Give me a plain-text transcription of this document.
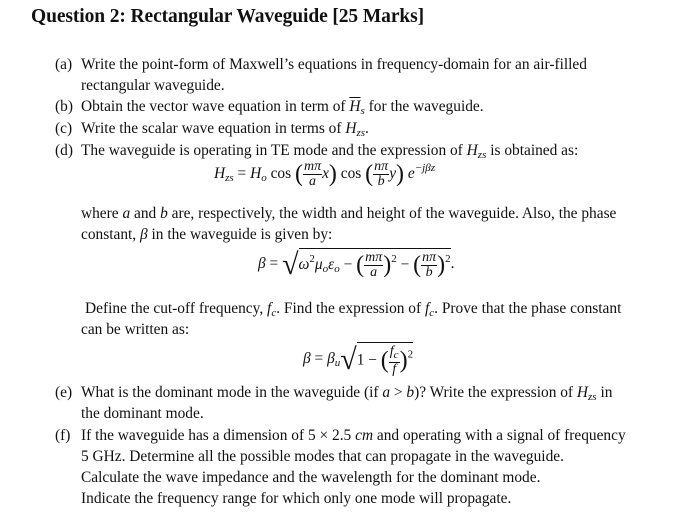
Question 2: Rectangular Waveguide [25 Marks]
(a) Write the point-form of Maxwell’s equations in frequency-domain for an air-filled
rectangular waveguide.
(b) Obtain the vector wave equation in term of $\overline{H}_s$ for the waveguide.
(c) Write the scalar wave equation in terms of $H_{zs}$.
(d) The waveguide is operating in TE mode and the expression of $H_{zs}$ is obtained as:
$H_{zs} = H_o$ cos ( $\frac{m\pi}{a} x$) cos ( $\frac{n\pi}{b} y$) $e^{-j\beta z}$
where a and b are, respectively, the width and height of the waveguide. Also, the phase
constant, β in the waveguide is given by:
$\beta = √\omega^2\mu_o\varepsilon_o$ − ( $\frac{m\pi}{a} )^2$ − ( $\frac{n\pi}{b} )^2$.
Define the cut-off frequency, $f_c$. Find the expression of $f_c$. Prove that the phase constant
can be written as:
$\beta = \beta_u√1$ − ( $\frac{f_c}{f} )^2$
(e) What is the dominant mode in the waveguide (if a > b)? Write the expression of $H_{zs}$ in
the dominant mode.
(f) If the waveguide has a dimension of 5 × 2.5 cm and operating with a signal of frequency
5 GHz. Determine all the possible modes that can propagate in the waveguide.
Calculate the wave impedance and the wavelength for the dominant mode.
Indicate the frequency range for which only one mode will propagate.
